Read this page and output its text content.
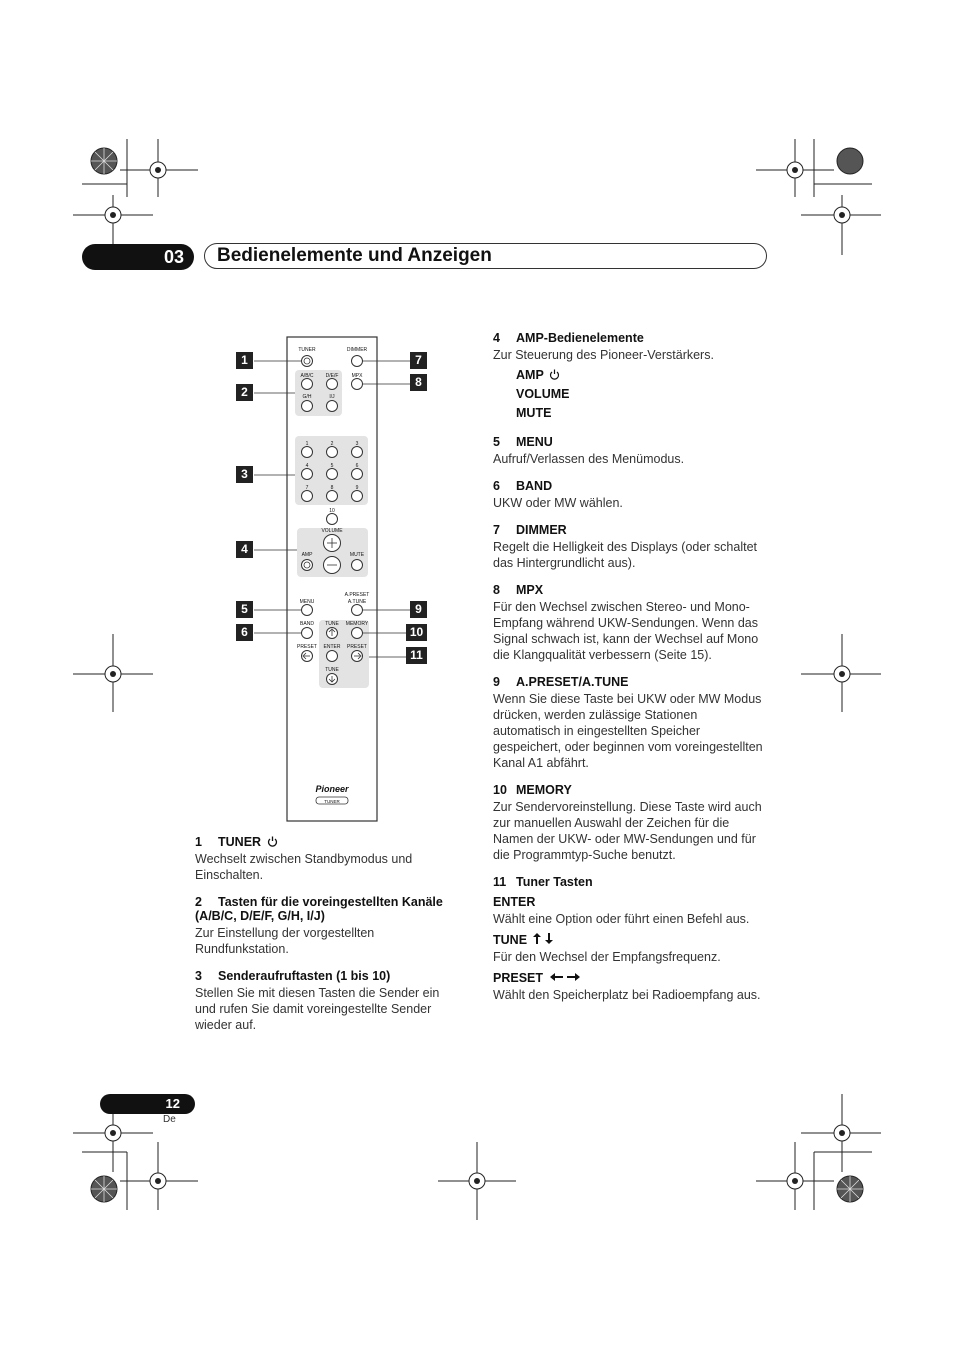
03	Bedienelemente und Anzeigen
TUNER	DIMMER
A/B/C D/E/F	MPX
G/H	I/J
1	2	3
4	5	6
7	8	9
10
VOLUME
AMP	MUTE
MENU
A.PRESET
A.TUNE
BAND TUNE MEMORY
PRESET ENTER PRESET
TUNE
Pioneer
TUNER
1
2
3
4
5
6
7
8
9
10
11
1 TUNER
Wechselt zwischen Standbymodus und Einschalten.
2	Tasten für die voreingestellten Kanäle (A/B/C, D/E/F, G/H, I/J)
Zur Einstellung der vorgestellten Rundfunkstation.
3 Senderaufruftasten (1 bis 10)
Stellen Sie mit diesen Tasten die Sender ein und rufen Sie damit voreingestellte Sender wieder auf.
4 AMP-Bedienelemente
Zur Steuerung des Pioneer-Verstärkers.
AMP
VOLUME
MUTE
5 MENU
Aufruf/Verlassen des Menümodus.
6 BAND
UKW oder MW wählen.
7 DIMMER
Regelt die Helligkeit des Displays (oder schaltet das Hintergrundlicht aus).
8 MPX
Für den Wechsel zwischen Stereo- und Mono-Empfang während UKW-Sendungen. Wenn das Signal schwach ist, kann der Wechsel auf Mono die Klangqualität verbessern (Seite 15).
9 A.PRESET/A.TUNE
Wenn Sie diese Taste bei UKW oder MW Modus drücken, werden zulässige Stationen automatisch in eingestellten Speicher gespeichert, oder beginnen vom voreingestellten Kanal A1 abfährt.
10 MEMORY
Zur Sendervoreinstellung. Diese Taste wird auch zur manuellen Auswahl der Zeichen für die Namen der UKW- oder MW-Sendungen und für die Programmtyp-Suche benutzt.
11 Tuner Tasten
ENTER
Wählt eine Option oder führt einen Befehl aus.
TUNE
Für den Wechsel der Empfangsfrequenz.
PRESET
Wählt den Speicherplatz bei Radioempfang aus.
12
De
